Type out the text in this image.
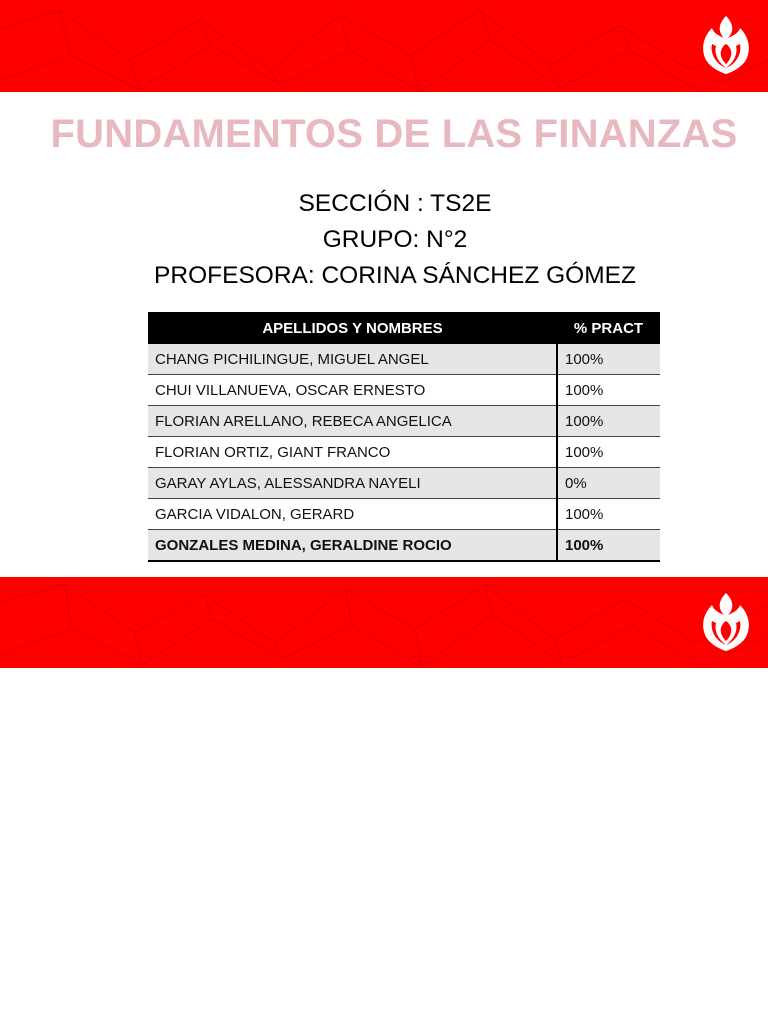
FUNDAMENTOS DE LAS FINANZAS
SECCIÓN : TS2E
GRUPO: N°2
PROFESORA: CORINA SÁNCHEZ GÓMEZ
APELLIDOS Y NOMBRES	% PRACT
CHANG PICHILINGUE, MIGUEL ANGEL	100%
CHUI VILLANUEVA, OSCAR ERNESTO	100%
FLORIAN ARELLANO, REBECA ANGELICA	100%
FLORIAN ORTIZ, GIANT FRANCO	100%
GARAY AYLAS, ALESSANDRA NAYELI	0%
GARCIA VIDALON, GERARD	100%
GONZALES MEDINA, GERALDINE ROCIO	100%
